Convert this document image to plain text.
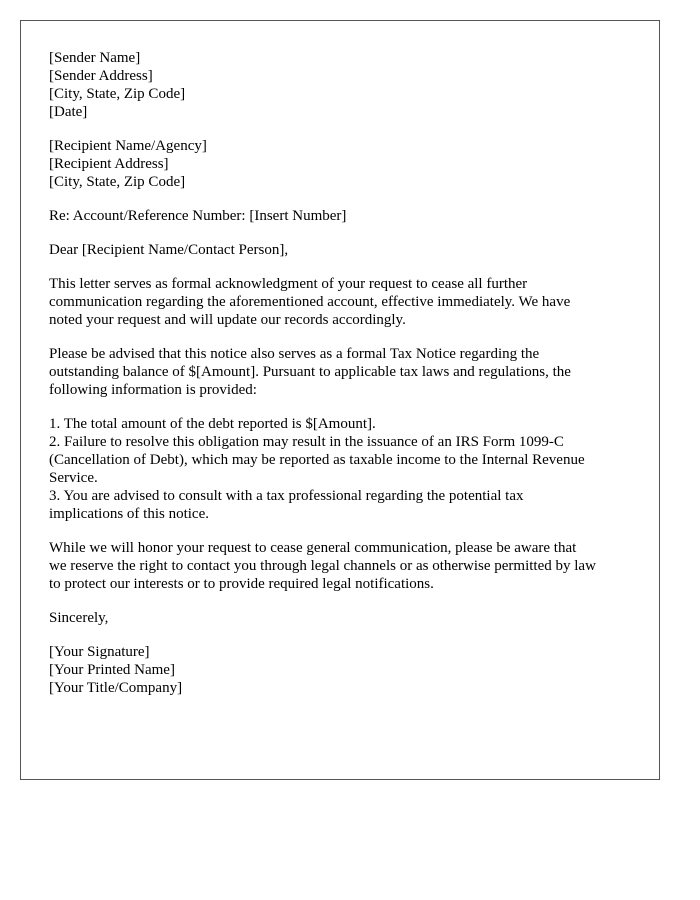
[Sender Name]
[Sender Address]
[City, State, Zip Code]
[Date]
[Recipient Name/Agency]
[Recipient Address]
[City, State, Zip Code]
Re: Account/Reference Number: [Insert Number]
Dear [Recipient Name/Contact Person],
This letter serves as formal acknowledgment of your request to cease all further
communication regarding the aforementioned account, effective immediately. We have
noted your request and will update our records accordingly.
Please be advised that this notice also serves as a formal Tax Notice regarding the
outstanding balance of $[Amount]. Pursuant to applicable tax laws and regulations, the
following information is provided:
1. The total amount of the debt reported is $[Amount].
2. Failure to resolve this obligation may result in the issuance of an IRS Form 1099-C
(Cancellation of Debt), which may be reported as taxable income to the Internal Revenue
Service.
3. You are advised to consult with a tax professional regarding the potential tax
implications of this notice.
While we will honor your request to cease general communication, please be aware that
we reserve the right to contact you through legal channels or as otherwise permitted by law
to protect our interests or to provide required legal notifications.
Sincerely,
[Your Signature]
[Your Printed Name]
[Your Title/Company]
